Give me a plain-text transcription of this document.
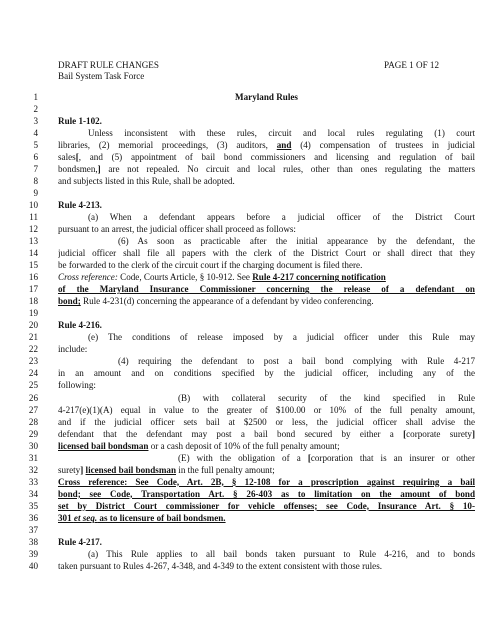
DRAFT RULE CHANGES	PAGE 1 OF 12
Bail System Task Force
1	Maryland Rules
2
3 Rule 1-102.
4	Unless inconsistent with these rules, circuit and local rules regulating (1) court
5 libraries, (2) memorial proceedings, (3) auditors, and (4) compensation of trustees in judicial
6 sales[, and (5) appointment of bail bond commissioners and licensing and regulation of bail
7 bondsmen,] are not repealed. No circuit and local rules, other than ones regulating the matters
8 and subjects listed in this Rule, shall be adopted.
9
10 Rule 4-213.
11	(a) When a defendant appears before a judicial officer of the District Court
12 pursuant to an arrest, the judicial officer shall proceed as follows:
13	(6) As soon as practicable after the initial appearance by the defendant, the
14 judicial officer shall file all papers with the clerk of the District Court or shall direct that they
15 be forwarded to the clerk of the circuit court if the charging document is filed there.
16 Cross reference: Code, Courts Article, § 10-912. See Rule 4-217 concerning notification
17 of the Maryland Insurance Commissioner concerning the release of a defendant on
18 bond; Rule 4-231(d) concerning the appearance of a defendant by video conferencing.
19
20 Rule 4-216.
21	(e) The conditions of release imposed by a judicial officer under this Rule may
22 include:
23	(4) requiring the defendant to post a bail bond complying with Rule 4-217
24 in an amount and on conditions specified by the judicial officer, including any of the
25 following:
26	(B) with collateral security of the kind specified in Rule
27 4-217(e)(1)(A) equal in value to the greater of $100.00 or 10% of the full penalty amount,
28 and if the judicial officer sets bail at $2500 or less, the judicial officer shall advise the
29 defendant that the defendant may post a bail bond secured by either a [corporate surety]
30 licensed bail bondsman or a cash deposit of 10% of the full penalty amount;
31	(E) with the obligation of a [corporation that is an insurer or other
32 surety] licensed bail bondsman in the full penalty amount;
33 Cross reference: See Code, Art. 2B, § 12-108 for a proscription against requiring a bail
34 bond; see Code, Transportation Art. § 26-403 as to limitation on the amount of bond
35 set by District Court commissioner for vehicle offenses; see Code, Insurance Art. § 10-
36 301 et seq. as to licensure of bail bondsmen.
37
38 Rule 4-217.
39	(a) This Rule applies to all bail bonds taken pursuant to Rule 4-216, and to bonds
40 taken pursuant to Rules 4-267, 4-348, and 4-349 to the extent consistent with those rules.
